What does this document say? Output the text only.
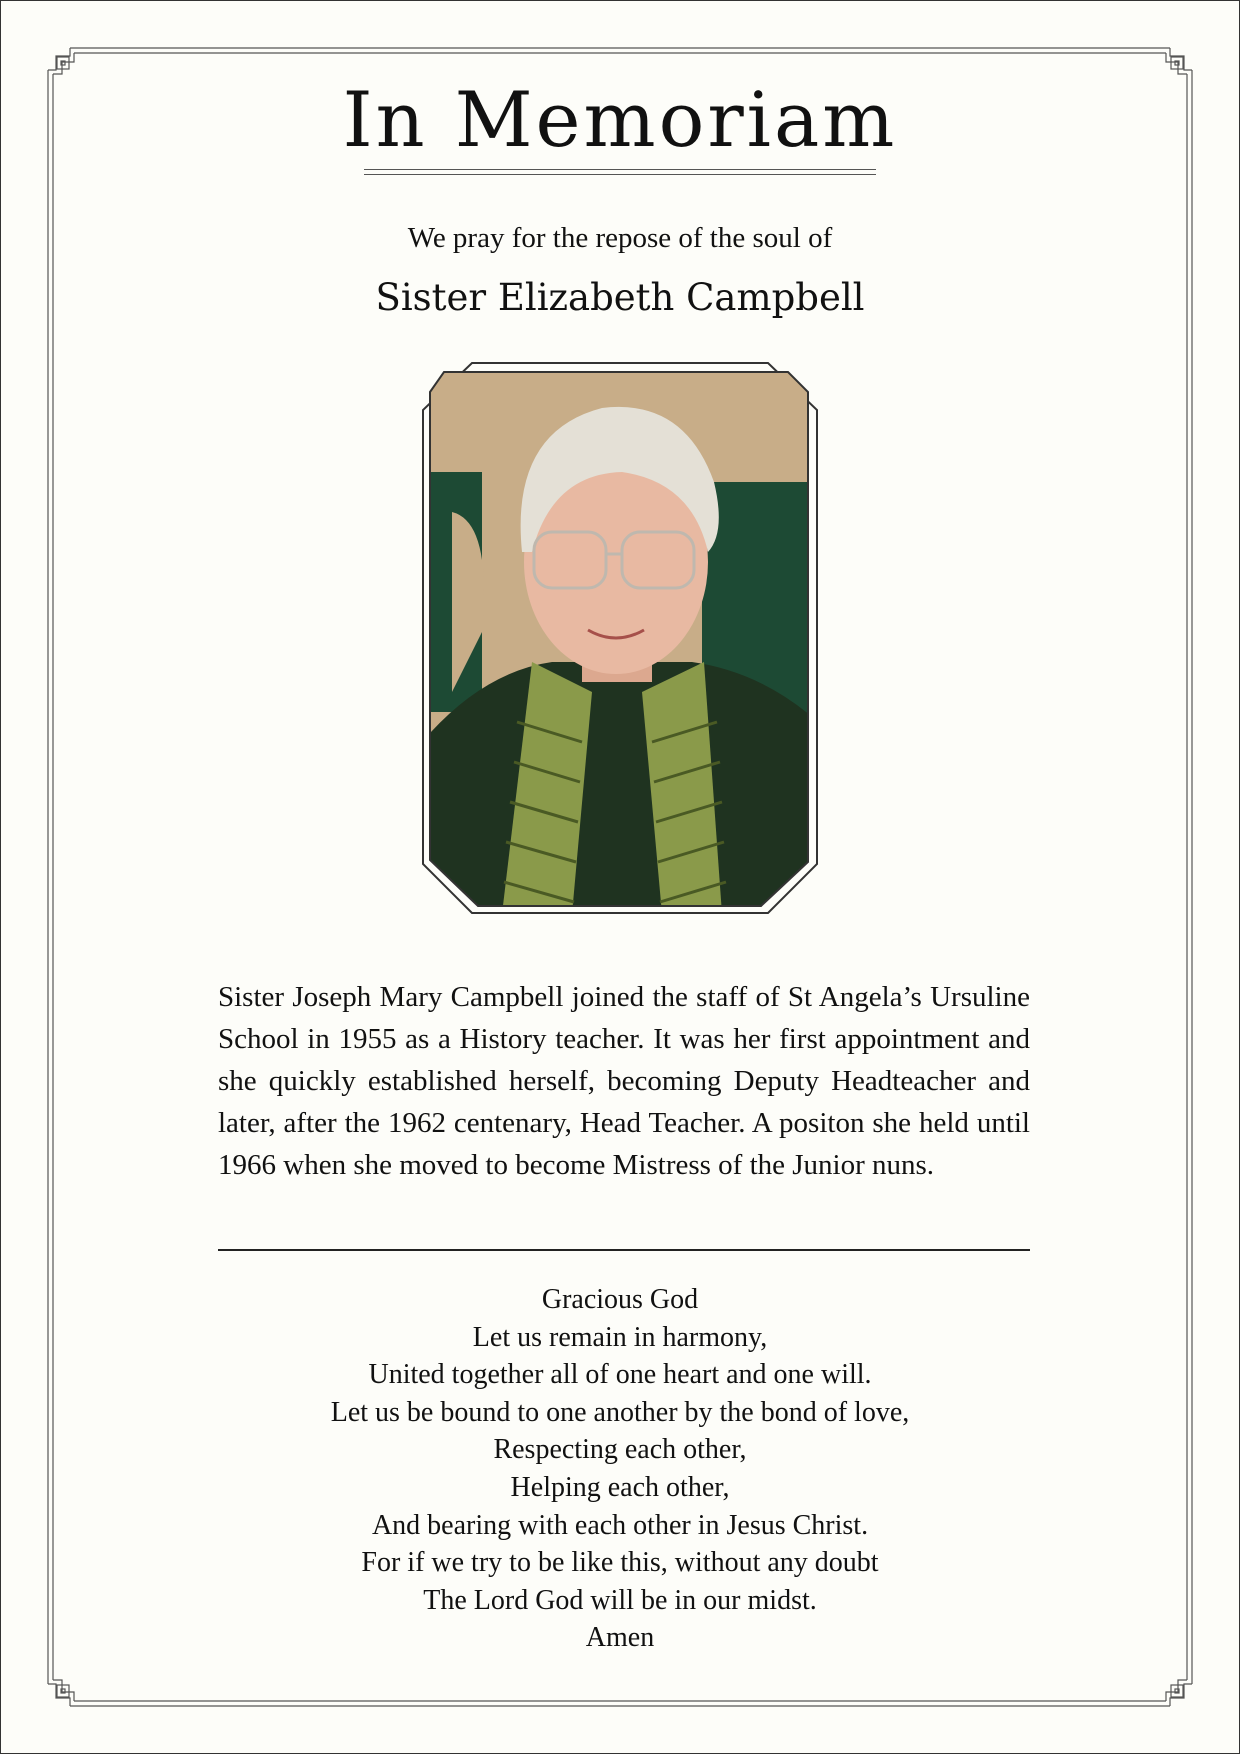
In Memoriam

We pray for the repose of the soul of

Sister Elizabeth Campbell

Sister Joseph Mary Campbell joined the staff of St Angela’s Ursuline School in 1955 as a History teacher. It was her first appointment and she quickly established herself, becoming Deputy Headteacher and later, after the 1962 centenary, Head Teacher. A positon she held until 1966 when she moved to become Mistress of the Junior nuns.

Gracious God
Let us remain in harmony,
United together all of one heart and one will.
Let us be bound to one another by the bond of love,
Respecting each other,
Helping each other,
And bearing with each other in Jesus Christ.
For if we try to be like this, without any doubt
The Lord God will be in our midst.
Amen
